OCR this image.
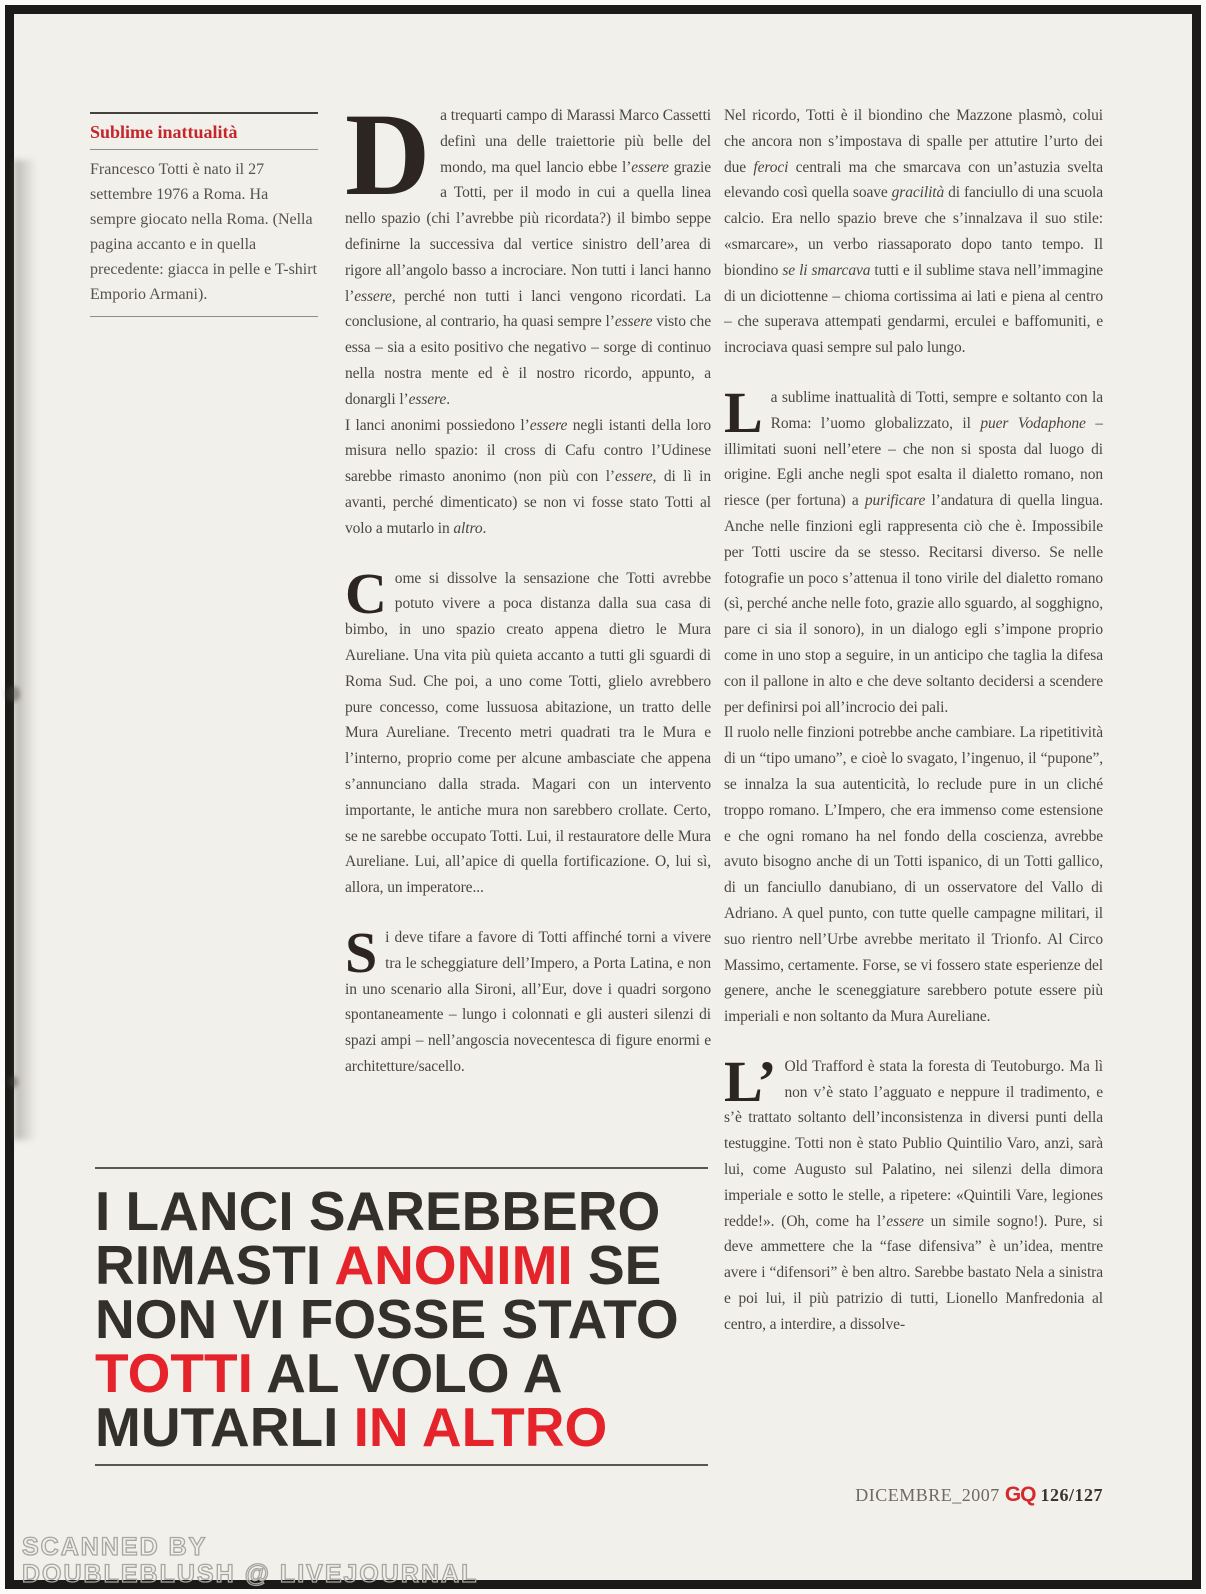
Sublime inattualità

Francesco Totti è nato il 27 settembre 1976 a Roma. Ha sempre giocato nella Roma. (Nella pagina accanto e in quella precedente: giacca in pelle e T-shirt Emporio Armani).

Da trequarti campo di Marassi Marco Cassetti definì una delle traiettorie più belle del mondo, ma quel lancio ebbe l’essere grazie a Totti, per il modo in cui a quella linea nello spazio (chi l’avrebbe più ricordata?) il bimbo seppe definirne la successiva dal vertice sinistro dell’area di rigore all’angolo basso a incrociare. Non tutti i lanci hanno l’essere, perché non tutti i lanci vengono ricordati. La conclusione, al contrario, ha quasi sempre l’essere visto che essa – sia a esito positivo che negativo – sorge di continuo nella nostra mente ed è il nostro ricordo, appunto, a donargli l’essere.

I lanci anonimi possiedono l’essere negli istanti della loro misura nello spazio: il cross di Cafu contro l’Udinese sarebbe rimasto anonimo (non più con l’essere, di lì in avanti, perché dimenticato) se non vi fosse stato Totti al volo a mutarlo in altro.

Come si dissolve la sensazione che Totti avrebbe potuto vivere a poca distanza dalla sua casa di bimbo, in uno spazio creato appena dietro le Mura Aureliane. Una vita più quieta accanto a tutti gli sguardi di Roma Sud. Che poi, a uno come Totti, glielo avrebbero pure concesso, come lussuosa abitazione, un tratto delle Mura Aureliane. Trecento metri quadrati tra le Mura e l’interno, proprio come per alcune ambasciate che appena s’annunciano dalla strada. Magari con un intervento importante, le antiche mura non sarebbero crollate. Certo, se ne sarebbe occupato Totti. Lui, il restauratore delle Mura Aureliane. Lui, all’apice di quella fortificazione. O, lui sì, allora, un imperatore...

Si deve tifare a favore di Totti affinché torni a vivere tra le scheggiature dell’Impero, a Porta Latina, e non in uno scenario alla Sironi, all’Eur, dove i quadri sorgono spontaneamente – lungo i colonnati e gli austeri silenzi di spazi ampi – nell’angoscia novecentesca di figure enormi e architetture/sacello.

Nel ricordo, Totti è il biondino che Mazzone plasmò, colui che ancora non s’impostava di spalle per attutire l’urto dei due feroci centrali ma che smarcava con un’astuzia svelta elevando così quella soave gracilità di fanciullo di una scuola calcio. Era nello spazio breve che s’innalzava il suo stile: «smarcare», un verbo riassaporato dopo tanto tempo. Il biondino se li smarcava tutti e il sublime stava nell’immagine di un diciottenne – chioma cortissima ai lati e piena al centro – che superava attempati gendarmi, erculei e baffomuniti, e incrociava quasi sempre sul palo lungo.

La sublime inattualità di Totti, sempre e soltanto con la Roma: l’uomo globalizzato, il puer Vodaphone – illimitati suoni nell’etere – che non si sposta dal luogo di origine. Egli anche negli spot esalta il dialetto romano, non riesce (per fortuna) a purificare l’andatura di quella lingua. Anche nelle finzioni egli rappresenta ciò che è. Impossibile per Totti uscire da se stesso. Recitarsi diverso. Se nelle fotografie un poco s’attenua il tono virile del dialetto romano (sì, perché anche nelle foto, grazie allo sguardo, al sogghigno, pare ci sia il sonoro), in un dialogo egli s’impone proprio come in uno stop a seguire, in un anticipo che taglia la difesa con il pallone in alto e che deve soltanto decidersi a scendere per definirsi poi all’incrocio dei pali.

Il ruolo nelle finzioni potrebbe anche cambiare. La ripetitività di un “tipo umano”, e cioè lo svagato, l’ingenuo, il “pupone”, se innalza la sua autenticità, lo reclude pure in un cliché troppo romano. L’Impero, che era immenso come estensione e che ogni romano ha nel fondo della coscienza, avrebbe avuto bisogno anche di un Totti ispanico, di un Totti gallico, di un fanciullo danubiano, di un osservatore del Vallo di Adriano. A quel punto, con tutte quelle campagne militari, il suo rientro nell’Urbe avrebbe meritato il Trionfo. Al Circo Massimo, certamente. Forse, se vi fossero state esperienze del genere, anche le sceneggiature sarebbero potute essere più imperiali e non soltanto da Mura Aureliane.

L’ Old Trafford è stata la foresta di Teutoburgo. Ma lì non v’è stato l’agguato e neppure il tradimento, e s’è trattato soltanto dell’inconsistenza in diversi punti della testuggine. Totti non è stato Publio Quintilio Varo, anzi, sarà lui, come Augusto sul Palatino, nei silenzi della dimora imperiale e sotto le stelle, a ripetere: «Quintili Vare, legiones redde!». (Oh, come ha l’essere un simile sogno!). Pure, si deve ammettere che la “fase difensiva” è un’idea, mentre avere i “difensori” è ben altro. Sarebbe bastato Nela a sinistra e poi lui, il più patrizio di tutti, Lionello Manfredonia al centro, a interdire, a dissolve-

I LANCI SAREBBERO
RIMASTI ANONIMI SE
NON VI FOSSE STATO
TOTTI AL VOLO A
MUTARLI IN ALTRO
DICEMBRE_2007 GQ 126/127
SCANNED BY
DOUBLEBLUSH @ LIVEJOURNAL
